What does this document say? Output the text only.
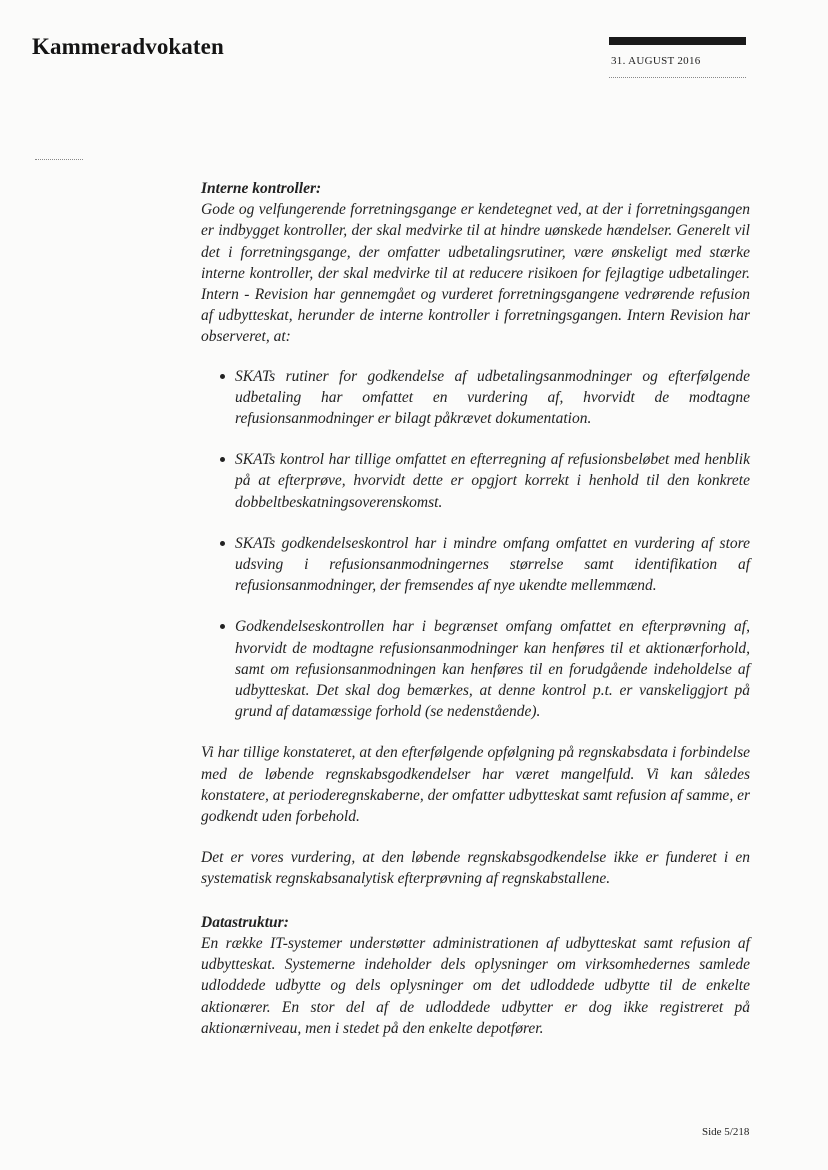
Kammeradvokaten
31. AUGUST 2016

Interne kontroller:

Gode og velfungerende forretningsgange er kendetegnet ved, at der i forretningsgangen er indbygget kontroller, der skal medvirke til at hindre uønskede hændelser. Generelt vil det i forretningsgange, der omfatter udbetalingsrutiner, være ønskeligt med stærke interne kontroller, der skal medvirke til at reducere risikoen for fejlagtige udbetalinger. Intern - Revision har gennemgået og vurderet forretningsgangene vedrørende refusion af udbytteskat, herunder de interne kontroller i forretningsgangen. Intern Revision har observeret, at:

SKATs rutiner for godkendelse af udbetalingsanmodninger og efterfølgende udbetaling har omfattet en vurdering af, hvorvidt de modtagne refusionsanmodninger er bilagt påkrævet dokumentation.
SKATs kontrol har tillige omfattet en efterregning af refusionsbeløbet med henblik på at efterprøve, hvorvidt dette er opgjort korrekt i henhold til den konkrete dobbeltbeskatningsoverenskomst.
SKATs godkendelseskontrol har i mindre omfang omfattet en vurdering af store udsving i refusionsanmodningernes størrelse samt identifikation af refusionsanmodninger, der fremsendes af nye ukendte mellemmænd.
Godkendelseskontrollen har i begrænset omfang omfattet en efterprøvning af, hvorvidt de modtagne refusionsanmodninger kan henføres til et aktionærforhold, samt om refusionsanmodningen kan henføres til en forudgående indeholdelse af udbytteskat. Det skal dog bemærkes, at denne kontrol p.t. er vanskeliggjort på grund af datamæssige forhold (se nedenstående).

Vi har tillige konstateret, at den efterfølgende opfølgning på regnskabsdata i forbindelse med de løbende regnskabsgodkendelser har været mangelfuld. Vi kan således konstatere, at perioderegnskaberne, der omfatter udbytteskat samt refusion af samme, er godkendt uden forbehold.

Det er vores vurdering, at den løbende regnskabsgodkendelse ikke er funderet i en systematisk regnskabsanalytisk efterprøvning af regnskabstallene.

Datastruktur:

En række IT-systemer understøtter administrationen af udbytteskat samt refusion af udbytteskat. Systemerne indeholder dels oplysninger om virksomhedernes samlede udloddede udbytte og dels oplysninger om det udloddede udbytte til de enkelte aktionærer. En stor del af de udloddede udbytter er dog ikke registreret på aktionærniveau, men i stedet på den enkelte depotfører.

Side 5/218
